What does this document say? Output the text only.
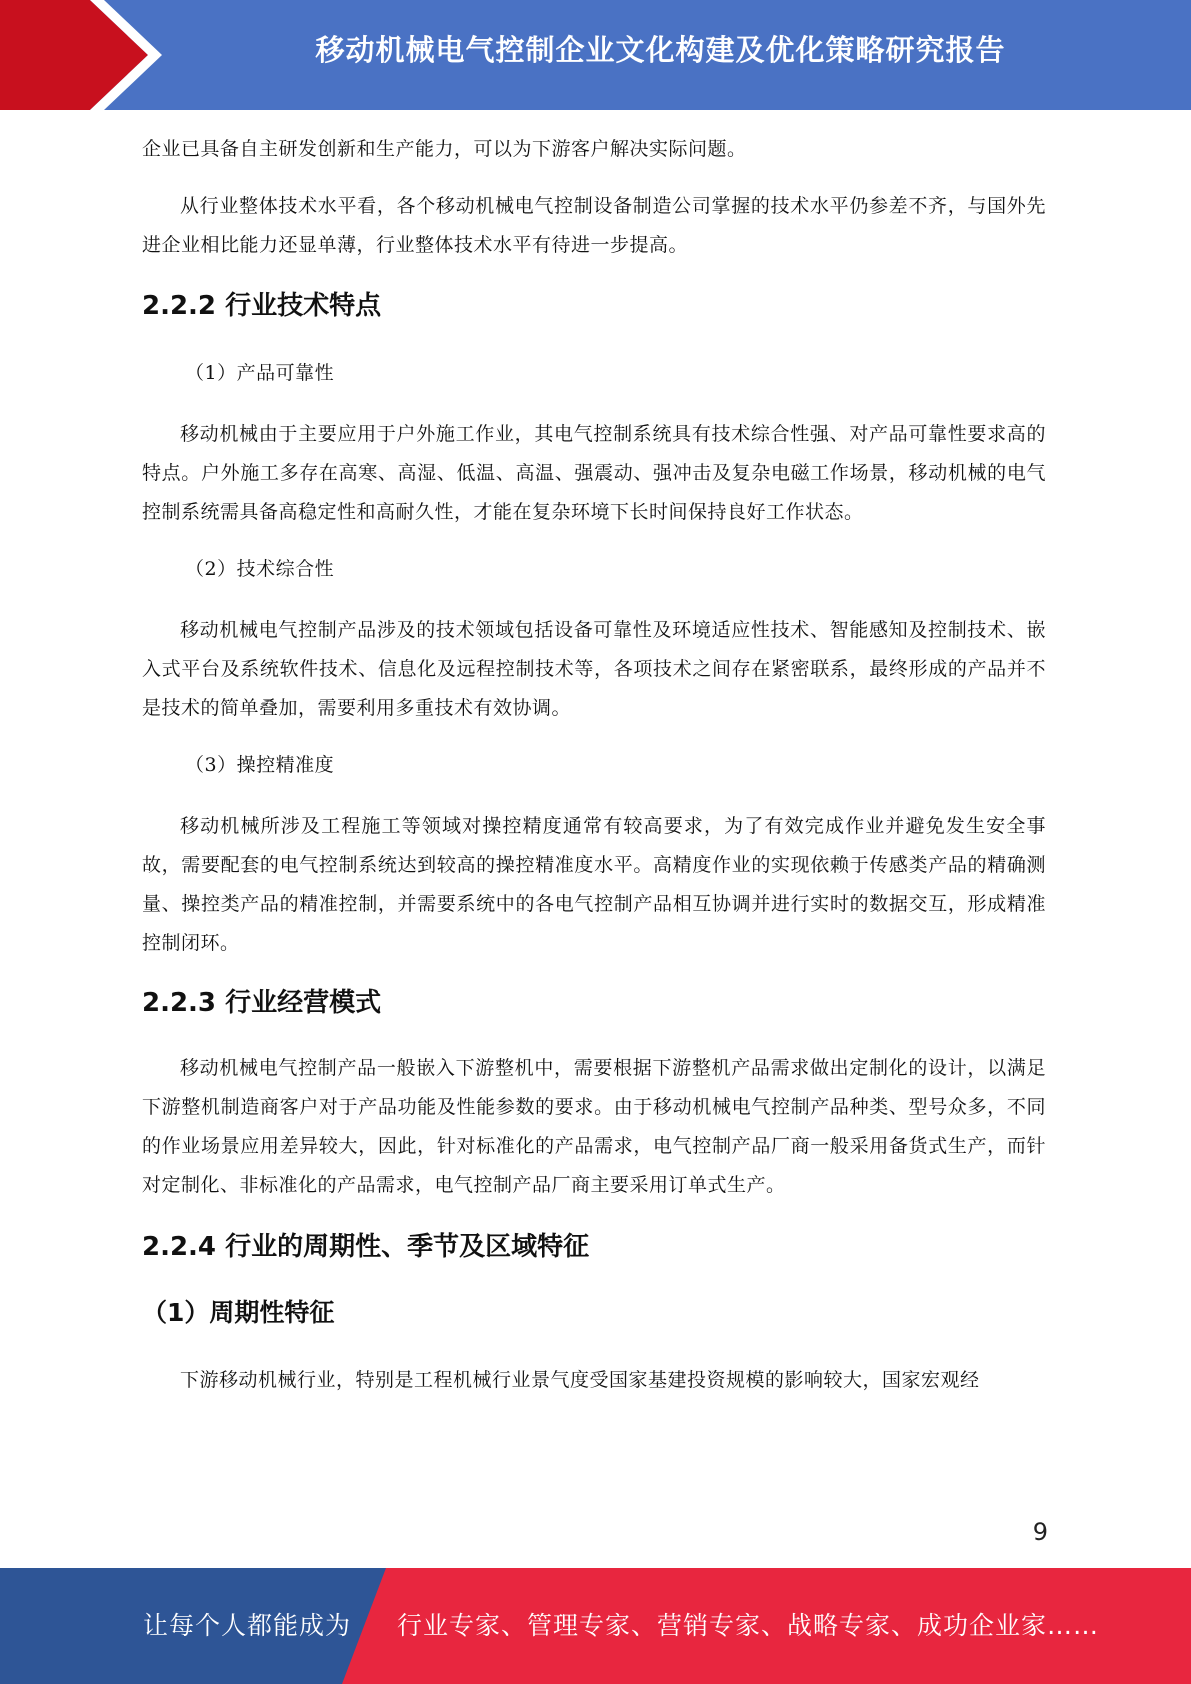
移动机械电气控制企业文化构建及优化策略研究报告

企业已具备自主研发创新和生产能力，可以为下游客户解决实际问题。

从行业整体技术水平看，各个移动机械电气控制设备制造公司掌握的技术水平仍参差不齐，与国外先进企业相比能力还显单薄，行业整体技术水平有待进一步提高。

2.2.2 行业技术特点

（1）产品可靠性

移动机械由于主要应用于户外施工作业，其电气控制系统具有技术综合性强、对产品可靠性要求高的特点。户外施工多存在高寒、高湿、低温、高温、强震动、强冲击及复杂电磁工作场景，移动机械的电气控制系统需具备高稳定性和高耐久性，才能在复杂环境下长时间保持良好工作状态。

（2）技术综合性

移动机械电气控制产品涉及的技术领域包括设备可靠性及环境适应性技术、智能感知及控制技术、嵌入式平台及系统软件技术、信息化及远程控制技术等，各项技术之间存在紧密联系，最终形成的产品并不是技术的简单叠加，需要利用多重技术有效协调。

（3）操控精准度

移动机械所涉及工程施工等领域对操控精度通常有较高要求，为了有效完成作业并避免发生安全事故，需要配套的电气控制系统达到较高的操控精准度水平。高精度作业的实现依赖于传感类产品的精确测量、操控类产品的精准控制，并需要系统中的各电气控制产品相互协调并进行实时的数据交互，形成精准控制闭环。

2.2.3 行业经营模式

移动机械电气控制产品一般嵌入下游整机中，需要根据下游整机产品需求做出定制化的设计，以满足下游整机制造商客户对于产品功能及性能参数的要求。由于移动机械电气控制产品种类、型号众多，不同的作业场景应用差异较大，因此，针对标准化的产品需求，电气控制产品厂商一般采用备货式生产，而针对定制化、非标准化的产品需求，电气控制产品厂商主要采用订单式生产。

2.2.4 行业的周期性、季节及区域特征
（1）周期性特征

下游移动机械行业，特别是工程机械行业景气度受国家基建投资规模的影响较大，国家宏观经

9
让每个人都能成为 行业专家、管理专家、营销专家、战略专家、成功企业家……
